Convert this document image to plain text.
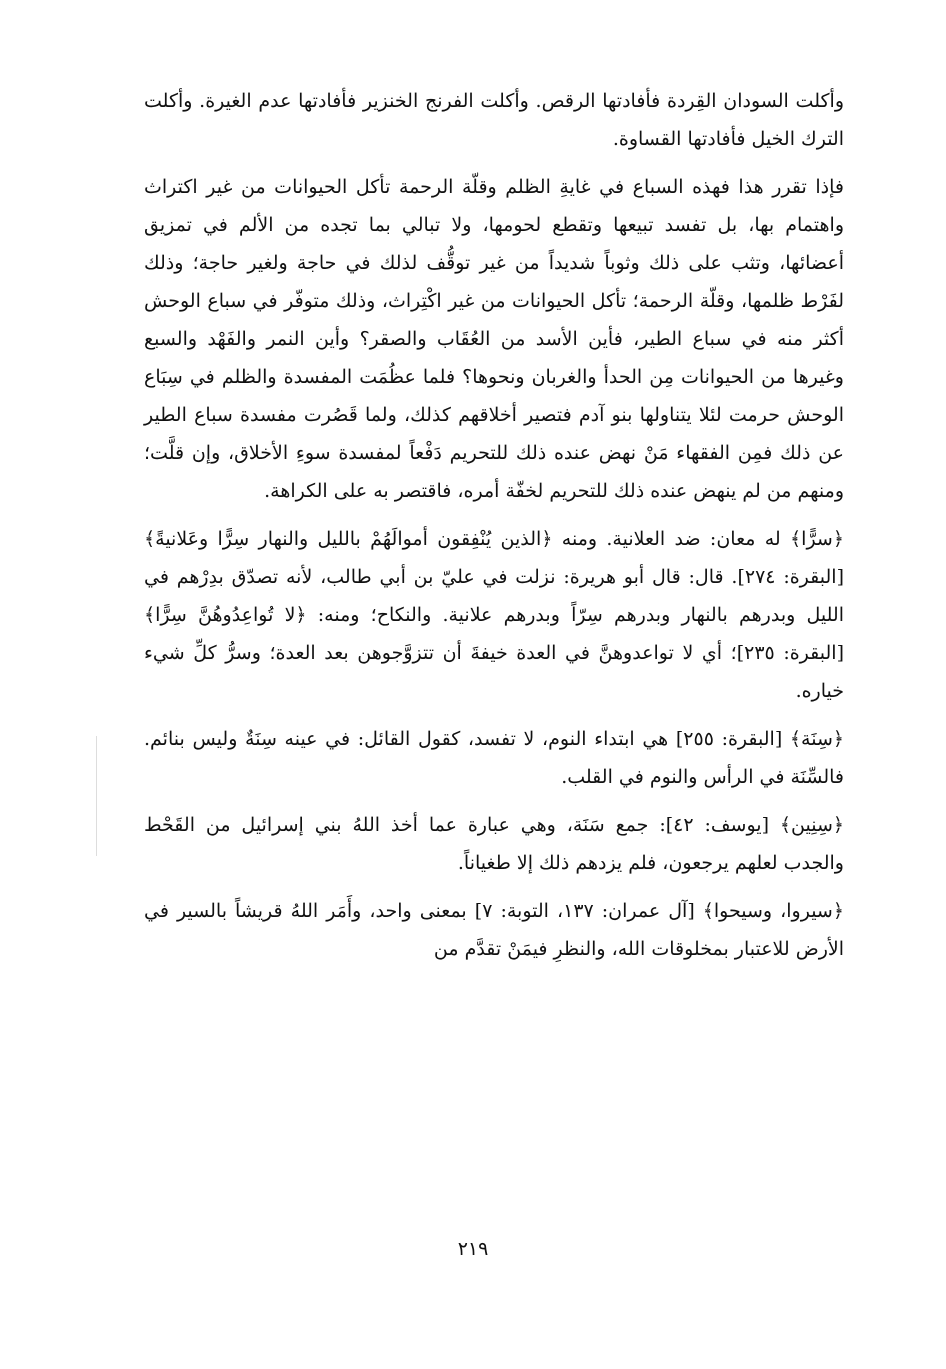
وأكلت السودان القِردة فأفادتها الرقص. وأكلت الفرنج الخنزير فأفادتها عدم الغيرة. وأكلت الترك الخيل فأفادتها القساوة.

فإذا تقرر هذا فهذه السباع في غايةِ الظلم وقلّة الرحمة تأكل الحيوانات من غير اكتراث واهتمام بها، بل تفسد تبيعها وتقطع لحومها، ولا تبالي بما تجده من الألم في تمزيق أعضائها، وتثب على ذلك وثوباً شديداً من غير توقُّف لذلك في حاجة ولغير حاجة؛ وذلك لفَرْط ظلمها، وقلّة الرحمة؛ تأكل الحيوانات من غير اكْتِراث، وذلك متوفّر في سباع الوحش أكثر منه في سباع الطير، فأين الأسد من العُقَاب والصقر؟ وأين النمر والفَهْد والسبع وغيرها من الحيوانات مِن الحدأ والغربان ونحوها؟ فلما عظُمَت المفسدة والظلم في سِبَاع الوحش حرمت لئلا يتناولها بنو آدم فتصير أخلاقهم كذلك، ولما قَصُرت مفسدة سباع الطير عن ذلك فمِن الفقهاء مَنْ نهض عنده ذلك للتحريم دَفْعاً لمفسدة سوءِ الأخلاق، وإن قلَّت؛ ومنهم من لم ينهض عنده ذلك للتحريم لخفّة أمره، فاقتصر به على الكراهة.

﴿سرًّا﴾ له معان: ضد العلانية. ومنه ﴿الذين يُنْفِقون أموالَهُمْ بالليل والنهار سِرًّا وعَلانيةً﴾ [البقرة: ٢٧٤]. قال: قال أبو هريرة: نزلت في عليّ بن أبي طالب، لأنه تصدّق بدِرْهم في الليل وبدرهم بالنهار وبدرهم سِرّاً وبدرهم علانية. والنكاح؛ ومنه: ﴿لا تُواعِدُوهُنَّ سِرًّا﴾ [البقرة: ٢٣٥]؛ أي لا تواعدوهنَّ في العدة خيفةَ أن تتزوَّجوهن بعد العدة؛ وسرُّ كلِّ شيء خياره.

﴿سِنَة﴾ [البقرة: ٢٥٥] هي ابتداء النوم، لا تفسد، كقول القائل: في عينه سِنَةٌ وليس بنائم. فالسِّنَة في الرأس والنوم في القلب.

﴿سِنِين﴾ [يوسف: ٤٢]: جمع سَنَة، وهي عبارة عما أخذ اللهُ بني إسرائيل من القَحْط والجدب لعلهم يرجعون، فلم يزدهم ذلك إلا طغياناً.

﴿سيروا، وسيحوا﴾ [آل عمران: ١٣٧، التوبة: ٧] بمعنى واحد، وأَمَر اللهُ قريشاً بالسير في الأرض للاعتبار بمخلوقات الله، والنظرِ فيمَنْ تقدَّم من

٢١٩
